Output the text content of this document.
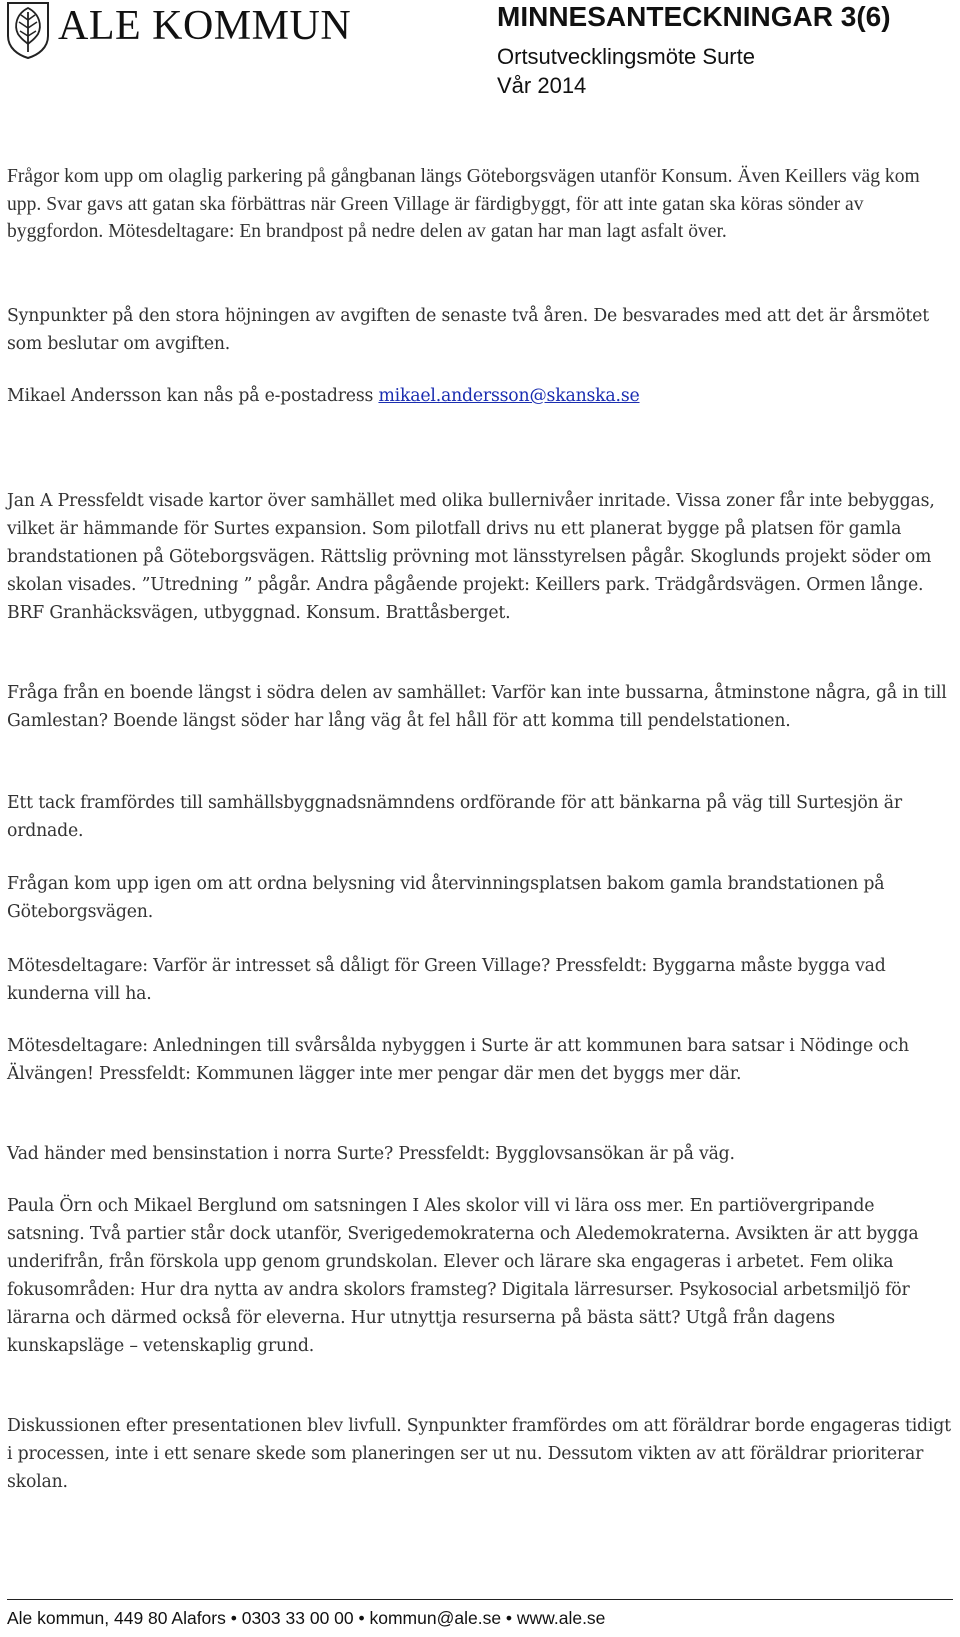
ALE KOMMUN	MINNESANTECKNINGAR 3(6)
Ortsutvecklingsmöte Surte
Vår 2014

Frågor kom upp om olaglig parkering på gångbanan längs Göteborgsvägen utanför Konsum. Även Keillers väg kom upp. Svar gavs att gatan ska förbättras när Green Village är färdigbyggt, för att inte gatan ska köras sönder av byggfordon. Mötesdeltagare: En brandpost på nedre delen av gatan har man lagt asfalt över.

Synpunkter på den stora höjningen av avgiften de senaste två åren. De besvarades med att det är årsmötet som beslutar om avgiften.

Mikael Andersson kan nås på e-postadress mikael.andersson@skanska.se

Jan A Pressfeldt visade kartor över samhället med olika bullernivåer inritade. Vissa zoner får inte bebyggas, vilket är hämmande för Surtes expansion. Som pilotfall drivs nu ett planerat bygge på platsen för gamla brandstationen på Göteborgsvägen. Rättslig prövning mot länsstyrelsen pågår. Skoglunds projekt söder om skolan visades. ”Utredning ” pågår. Andra pågående projekt: Keillers park. Trädgårdsvägen. Ormen långe. BRF Granhäcksvägen, utbyggnad. Konsum. Brattåsberget.

Fråga från en boende längst i södra delen av samhället: Varför kan inte bussarna, åtminstone några, gå in till Gamlestan? Boende längst söder har lång väg åt fel håll för att komma till pendelstationen.

Ett tack framfördes till samhällsbyggnadsnämndens ordförande för att bänkarna på väg till Surtesjön är ordnade.

Frågan kom upp igen om att ordna belysning vid återvinningsplatsen bakom gamla brandstationen på Göteborgsvägen.

Mötesdeltagare: Varför är intresset så dåligt för Green Village? Pressfeldt: Byggarna måste bygga vad kunderna vill ha.

Mötesdeltagare: Anledningen till svårsålda nybyggen i Surte är att kommunen bara satsar i Nödinge och Älvängen! Pressfeldt: Kommunen lägger inte mer pengar där men det byggs mer där.

Vad händer med bensinstation i norra Surte? Pressfeldt: Bygglovsansökan är på väg.

Paula Örn och Mikael Berglund om satsningen I Ales skolor vill vi lära oss mer. En partiövergripande satsning. Två partier står dock utanför, Sverigedemokraterna och Aledemokraterna. Avsikten är att bygga underifrån, från förskola upp genom grundskolan. Elever och lärare ska engageras i arbetet. Fem olika fokusområden: Hur dra nytta av andra skolors framsteg? Digitala lärresurser. Psykosocial arbetsmiljö för lärarna och därmed också för eleverna. Hur utnyttja resurserna på bästa sätt? Utgå från dagens kunskapsläge – vetenskaplig grund.

Diskussionen efter presentationen blev livfull. Synpunkter framfördes om att föräldrar borde engageras tidigt i processen, inte i ett senare skede som planeringen ser ut nu. Dessutom vikten av att föräldrar prioriterar skolan.

Ale kommun, 449 80 Alafors • 0303 33 00 00 • kommun@ale.se • www.ale.se
